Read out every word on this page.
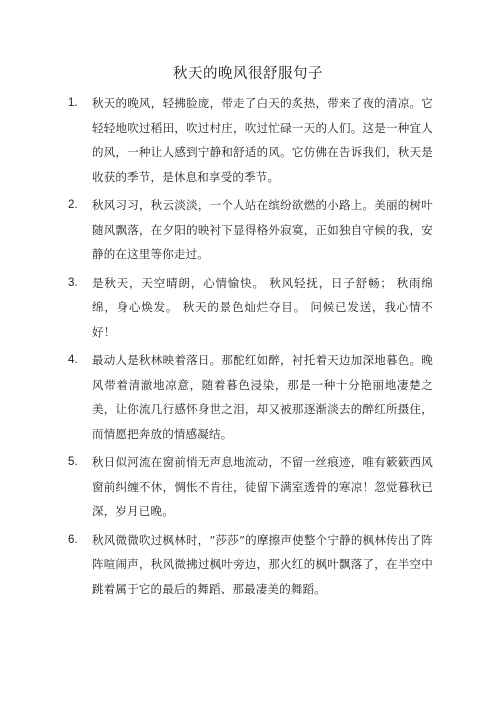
秋天的晚风很舒服句子
1. 秋天的晚风，轻拂脸庞，带走了白天的炙热，带来了夜的清凉。它轻轻地吹过稻田，吹过村庄，吹过忙碌一天的人们。这是一种宜人的风，一种让人感到宁静和舒适的风。它仿佛在告诉我们，秋天是收获的季节，是休息和享受的季节。
2. 秋风习习，秋云淡淡，一个人站在缤纷欲燃的小路上。美丽的树叶随风飘落，在夕阳的映衬下显得格外寂寞，正如独自守候的我，安静的在这里等你走过。
3. 是秋天，天空晴朗，心情愉快。 秋风轻抚，日子舒畅； 秋雨绵绵，身心焕发。 秋天的景色灿烂夺目。 问候已发送，我心情不好！
4. 最动人是秋林映着落日。那酡红如醉，衬托着天边加深地暮色。晚风带着清澈地凉意，随着暮色浸染，那是一种十分艳丽地凄楚之美，让你流几行感怀身世之泪，却又被那逐渐淡去的醉红所摄住，而情愿把奔放的情感凝结。
5. 秋日似河流在窗前悄无声息地流动，不留一丝痕迹，唯有簌簌西风窗前纠缠不休，惆怅不肯往，徒留下满室透骨的寒凉！忽觉暮秋已深，岁月已晚。
6. 秋风微微吹过枫林时，“莎莎”的摩擦声使整个宁静的枫林传出了阵阵喧闹声，秋风微拂过枫叶旁边，那火红的枫叶飘落了，在半空中跳着属于它的最后的舞蹈、那最凄美的舞蹈。
